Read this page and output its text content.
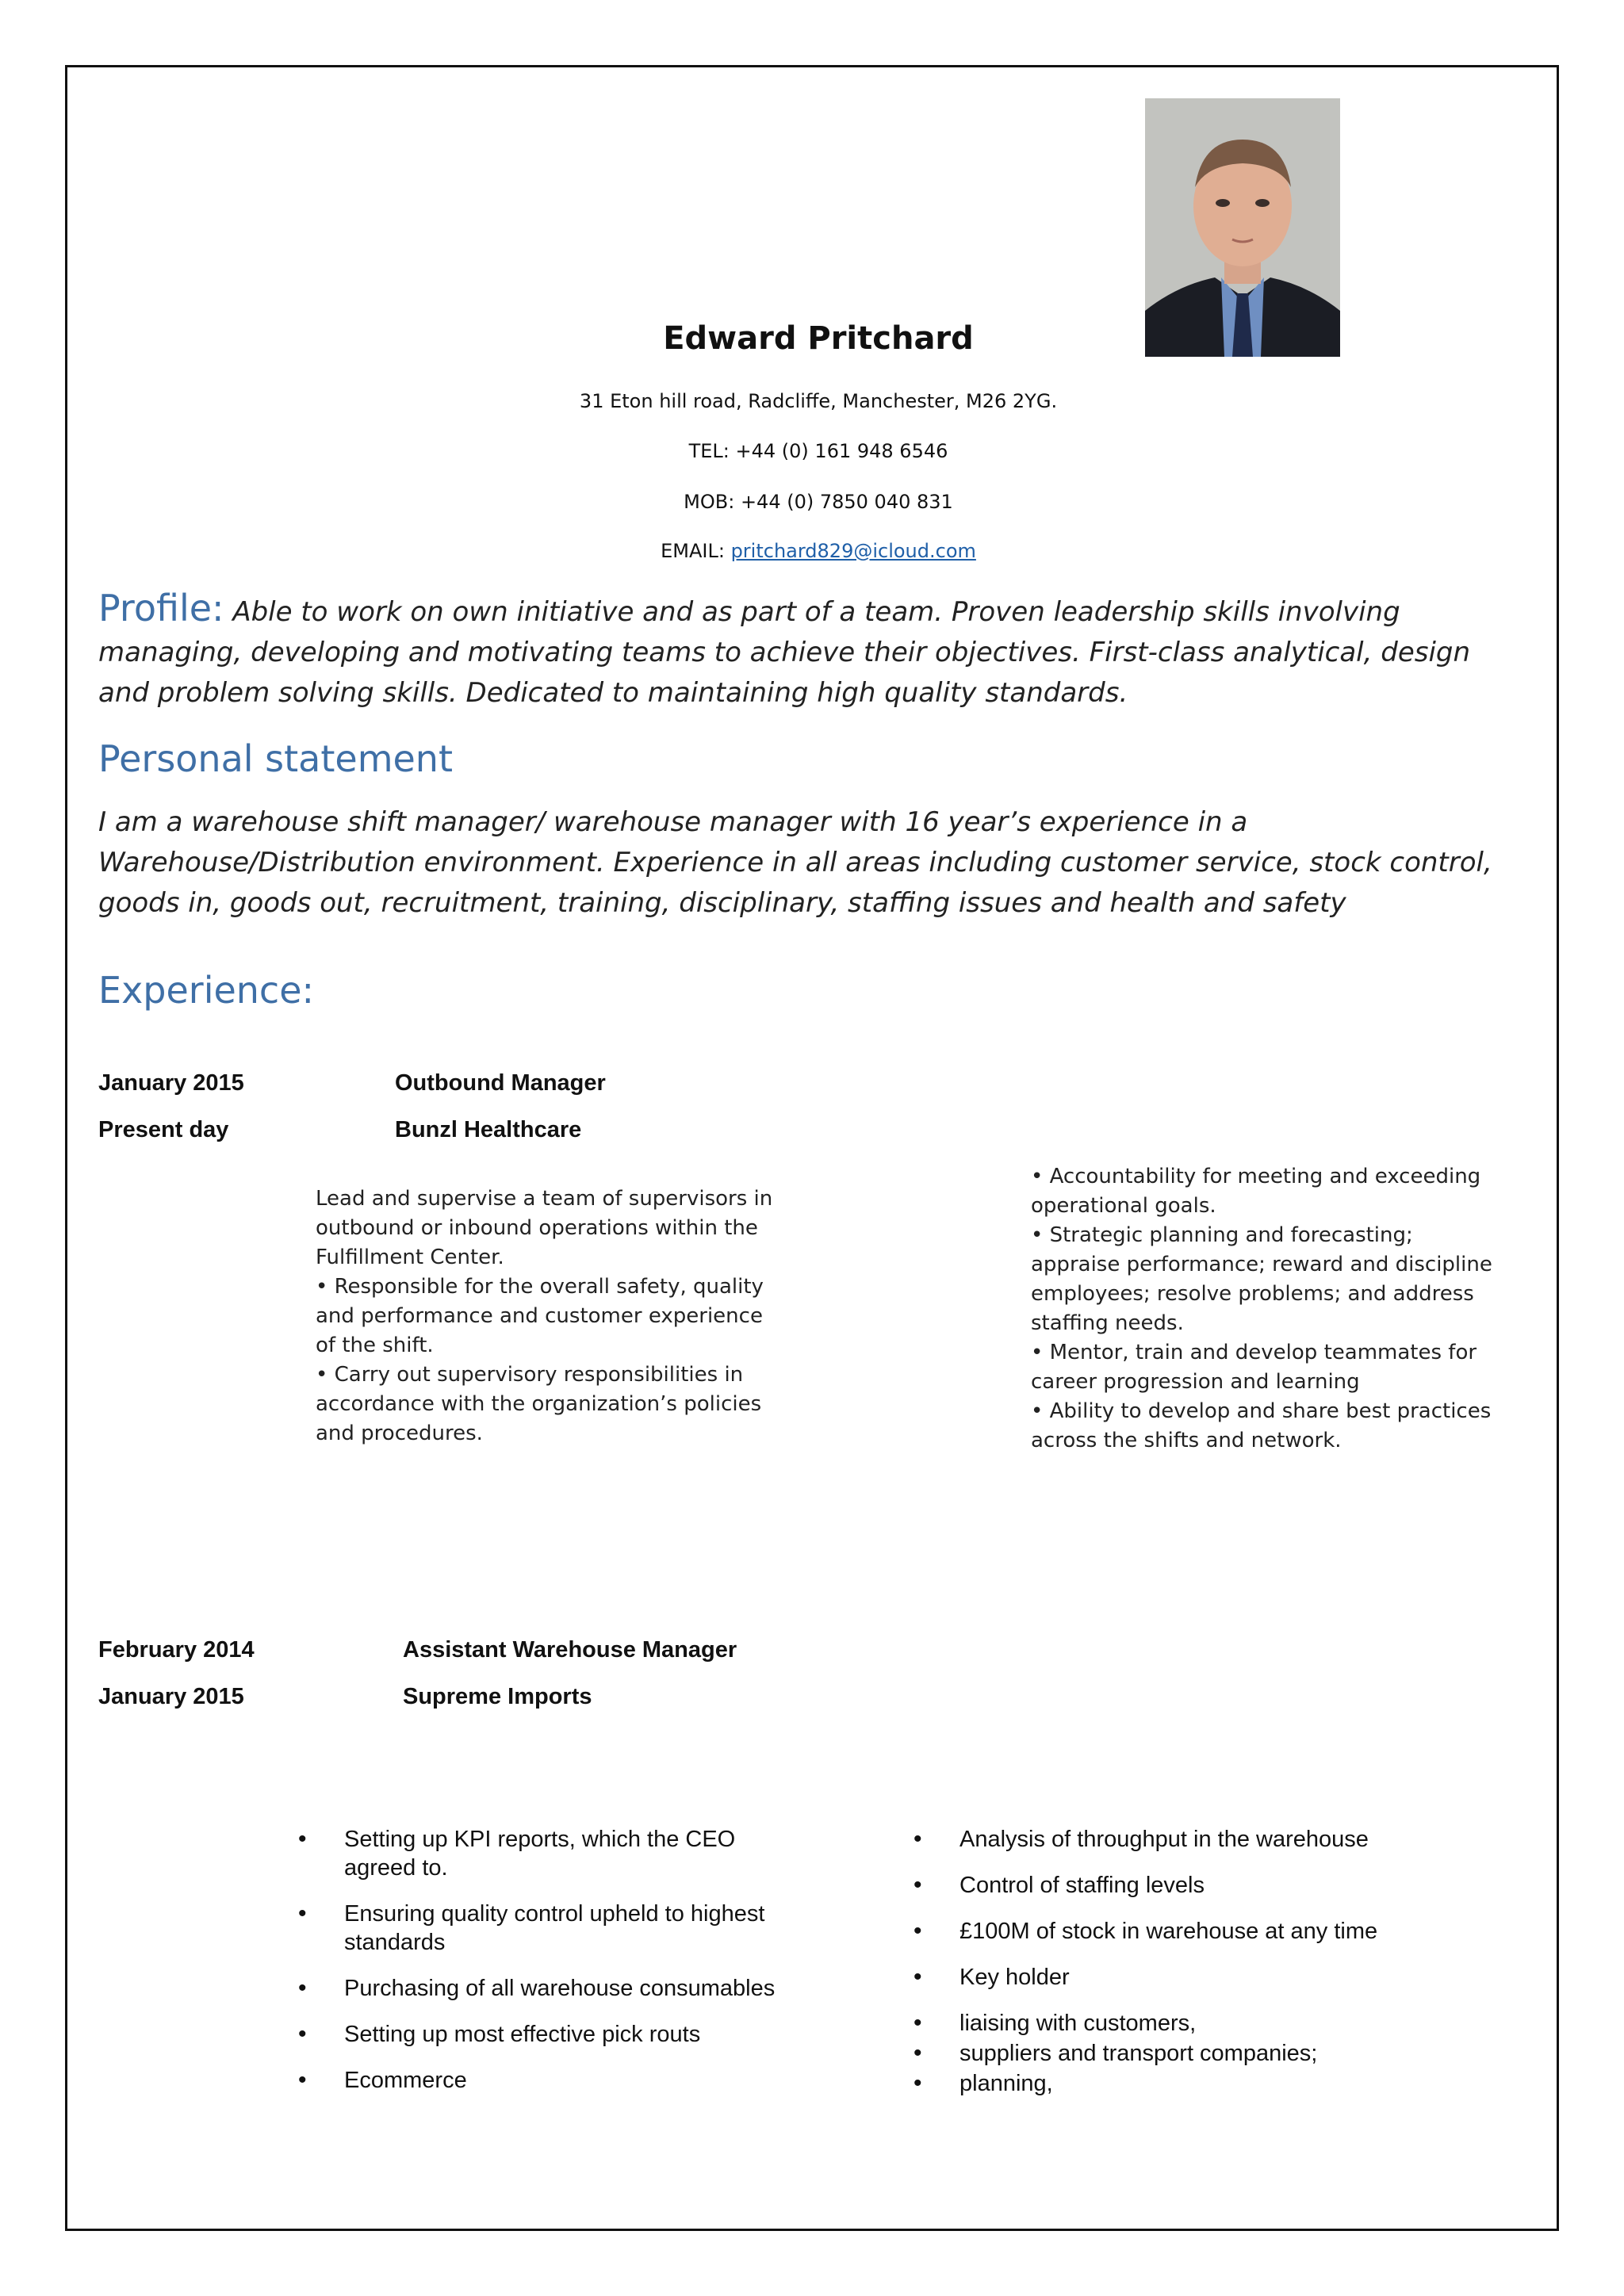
Edward Pritchard
31 Eton hill road, Radcliffe, Manchester, M26 2YG.
TEL: +44 (0) 161 948 6546
MOB: +44 (0) 7850 040 831
EMAIL: pritchard829@icloud.com
Profile: Able to work on own initiative and as part of a team. Proven leadership skills involving managing, developing and motivating teams to achieve their objectives. First-class analytical, design and problem solving skills. Dedicated to maintaining high quality standards.
Personal statement
I am a warehouse shift manager/ warehouse manager with 16 year’s experience in a Warehouse/Distribution environment. Experience in all areas including customer service, stock control, goods in, goods out, recruitment, training, disciplinary, staffing issues and health and safety
Experience:
January 2015	Outbound Manager
Present day	Bunzl Healthcare
Lead and supervise a team of supervisors in
outbound or inbound operations within the
Fulfillment Center.
• Responsible for the overall safety, quality
and performance and customer experience
of the shift.
• Carry out supervisory responsibilities in
accordance with the organization’s policies
and procedures.
• Accountability for meeting and exceeding
operational goals.
• Strategic planning and forecasting;
appraise performance; reward and discipline
employees; resolve problems; and address
staffing needs.
• Mentor, train and develop teammates for
career progression and learning
• Ability to develop and share best practices
across the shifts and network.
February 2014	Assistant Warehouse Manager
January 2015	Supreme Imports
• Setting up KPI reports, which the CEO agreed to.
• Ensuring quality control upheld to highest standards
• Purchasing of all warehouse consumables
• Setting up most effective pick routs
• Ecommerce
• Analysis of throughput in the warehouse
• Control of staffing levels
• £100M of stock in warehouse at any time
• Key holder
• liaising with customers,
• suppliers and transport companies;
• planning,
